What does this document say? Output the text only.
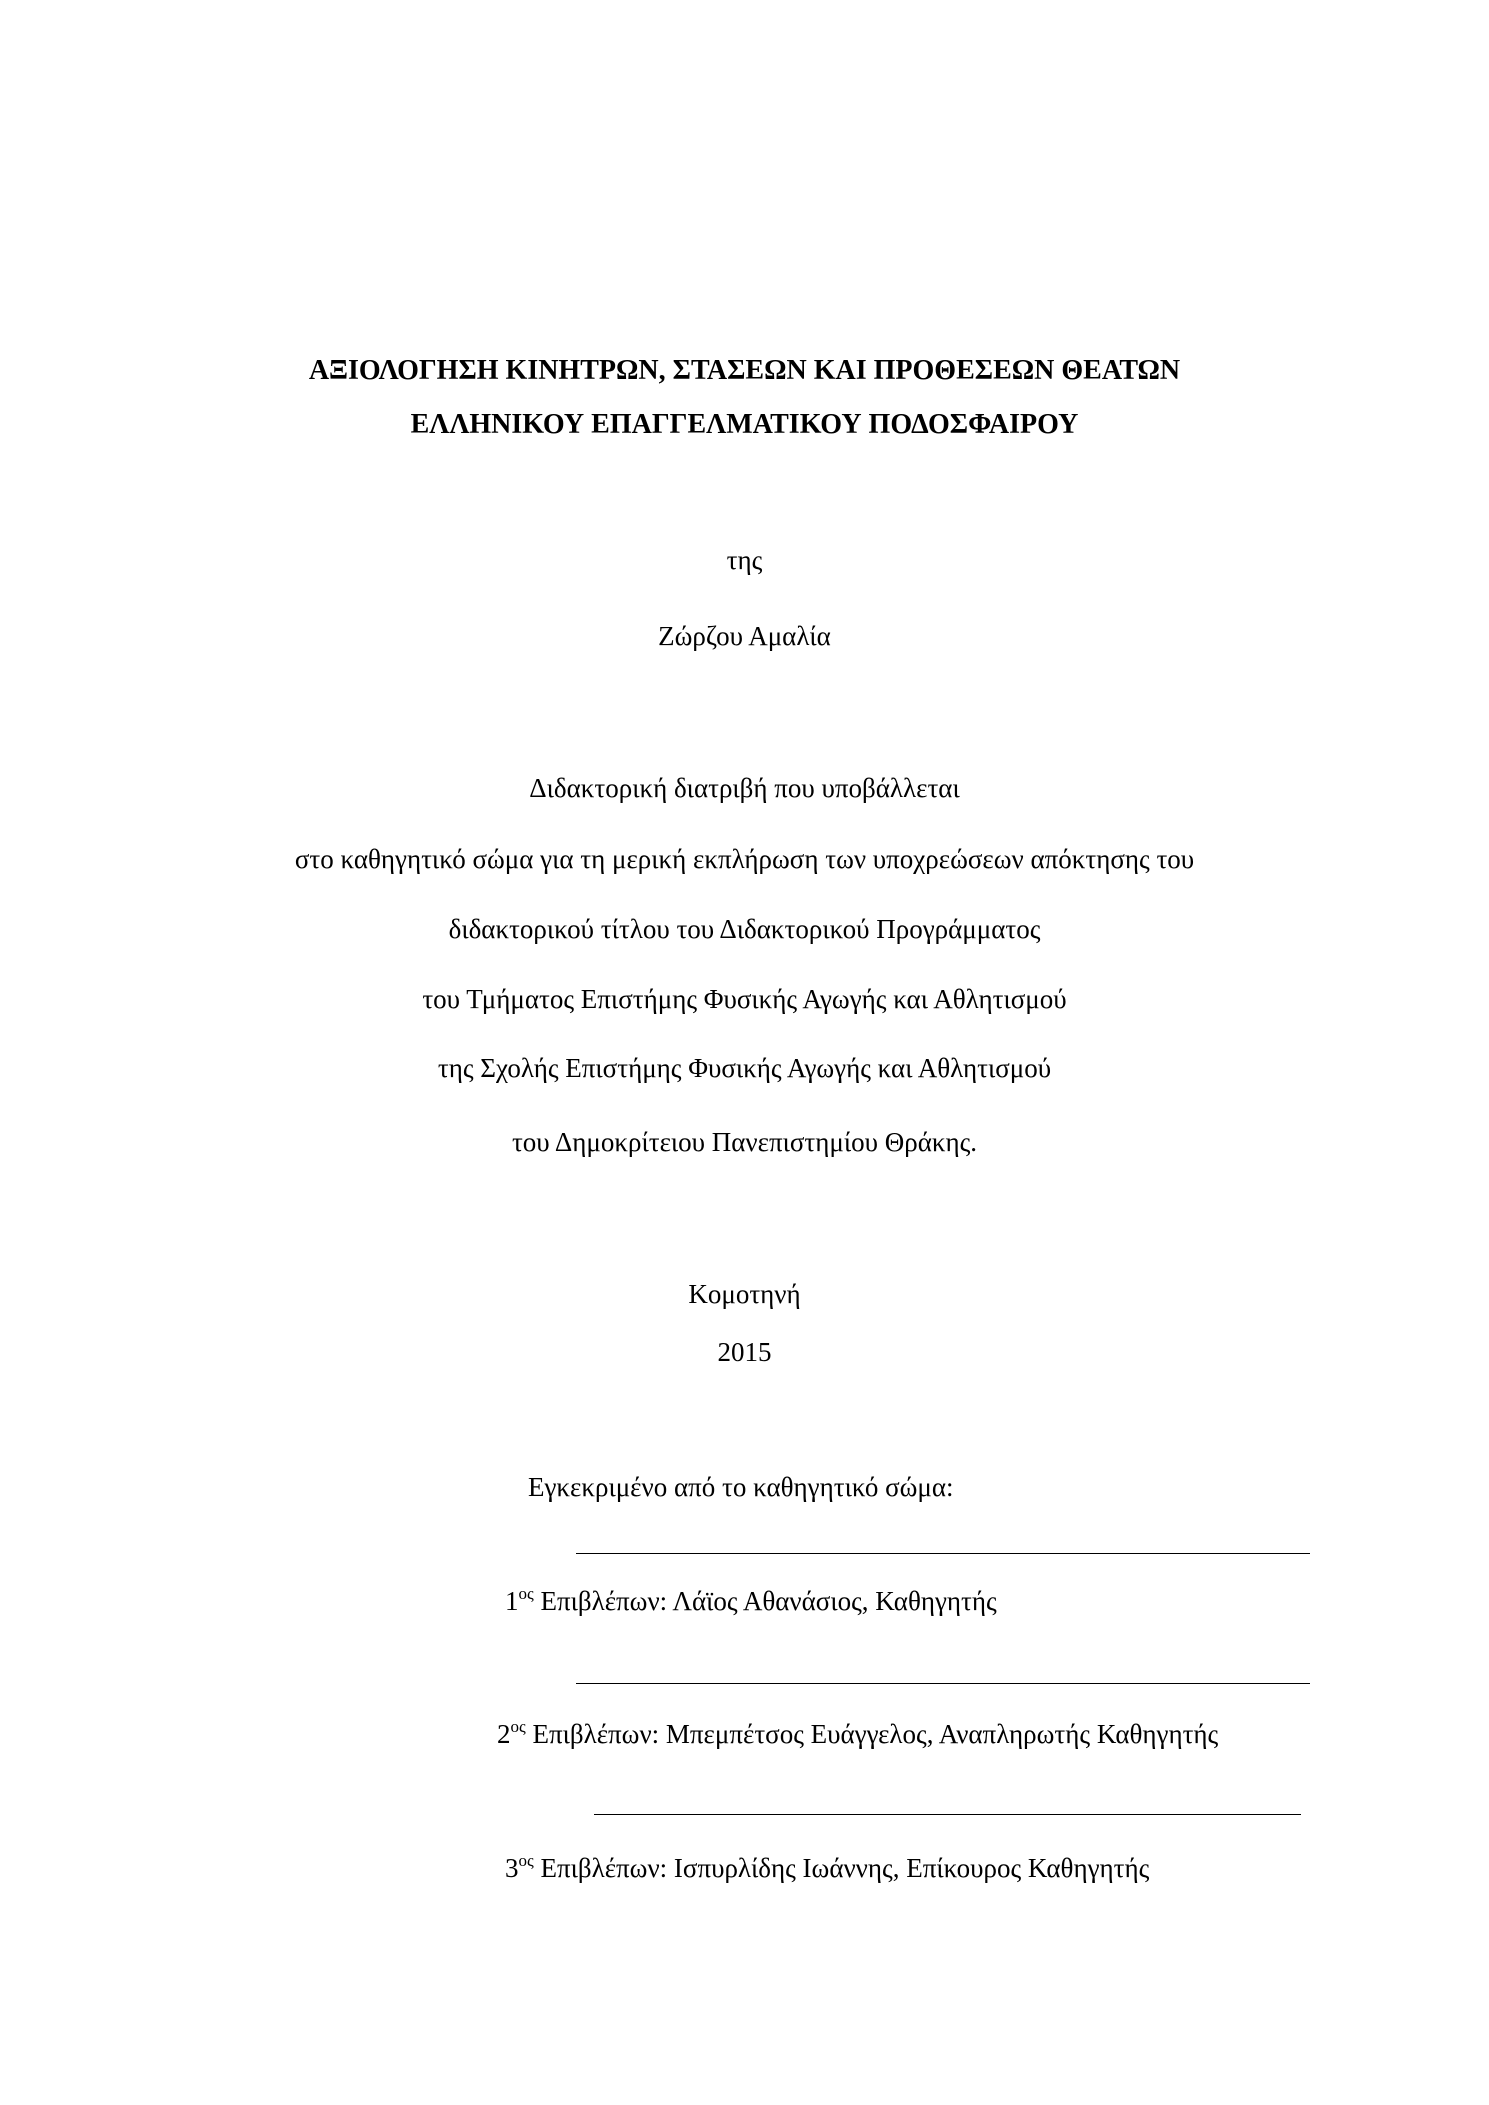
ΑΞΙΟΛΟΓΗΣΗ ΚΙΝΗΤΡΩΝ, ΣΤΑΣΕΩΝ ΚΑΙ ΠΡΟΘΕΣΕΩΝ ΘΕΑΤΩΝ
ΕΛΛΗΝΙΚΟΥ ΕΠΑΓΓΕΛΜΑΤΙΚΟΥ ΠΟΔΟΣΦΑΙΡΟΥ
της
Ζώρζου Αμαλία
Διδακτορική διατριβή που υποβάλλεται
στο καθηγητικό σώμα για τη μερική εκπλήρωση των υποχρεώσεων απόκτησης του
διδακτορικού τίτλου του Διδακτορικού Προγράμματος
του Τμήματος Επιστήμης Φυσικής Αγωγής και Αθλητισμού
της Σχολής Επιστήμης Φυσικής Αγωγής και Αθλητισμού
του Δημοκρίτειου Πανεπιστημίου Θράκης.
Κομοτηνή
2015
Εγκεκριμένο από το καθηγητικό σώμα:
$1^{o\varsigma}$ Επιβλέπων: Λάϊος Αθανάσιος, Καθηγητής
$2^{o\varsigma}$ Επιβλέπων: Μπεμπέτσος Ευάγγελος, Αναπληρωτής Καθηγητής
$3^{o\varsigma}$ Επιβλέπων: Ισπυρλίδης Ιωάννης, Επίκουρος Καθηγητής
